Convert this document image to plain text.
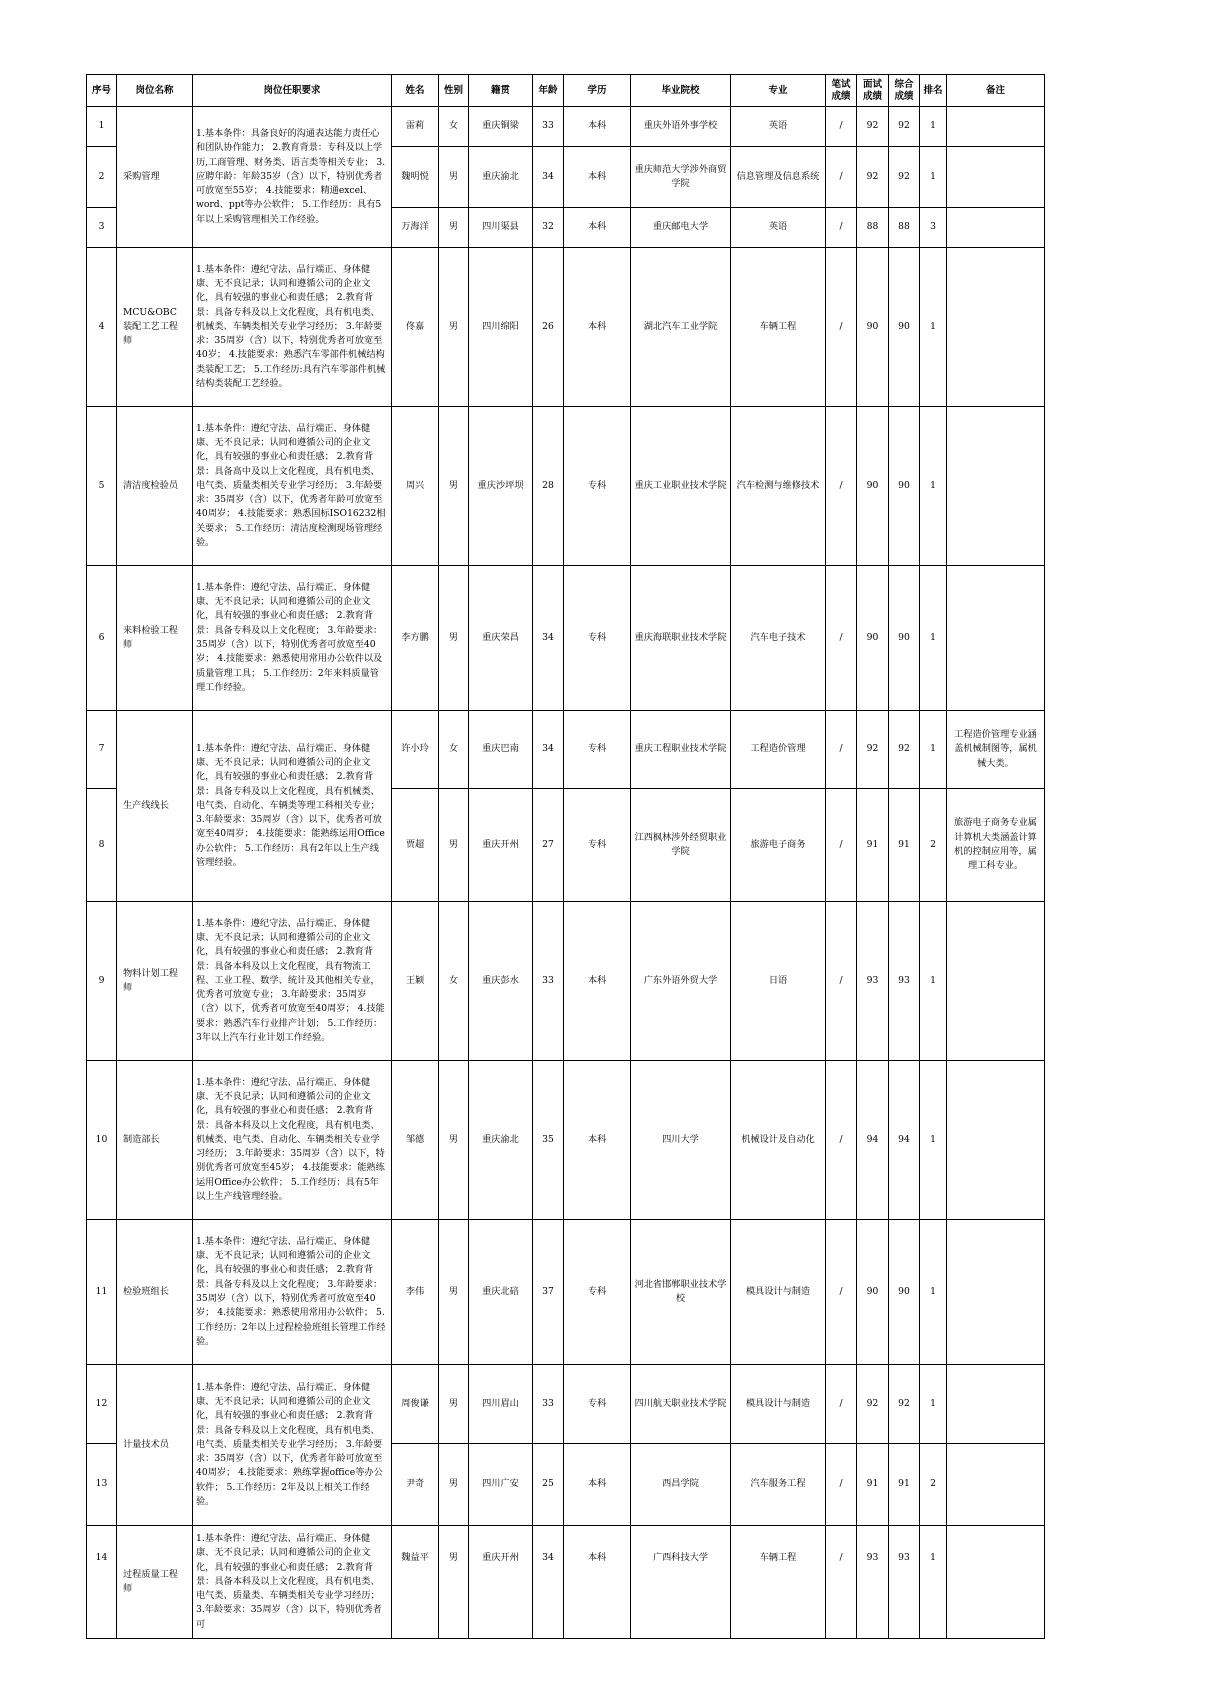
序号	岗位名称	岗位任职要求	姓名	性别	籍贯	年龄	学历	毕业院校	专业	笔试成绩	面试成绩	综合成绩	排名	备注
1	采购管理	1.基本条件：具备良好的沟通表达能力责任心和团队协作能力； 2.教育背景：专科及以上学历,工商管理、财务类、语言类等相关专业； 3.应聘年龄：年龄35岁（含）以下，特别优秀者可放宽至55岁； 4.技能要求：精通excel、word、ppt等办公软件； 5.工作经历：具有5年以上采购管理相关工作经验。	雷莉	女	重庆铜梁	33	本科	重庆外语外事学校	英语	/	92	92	1	
2			魏明悦	男	重庆渝北	34	本科	重庆师范大学涉外商贸学院	信息管理及信息系统	/	92	92	1	
3			万海洋	男	四川渠县	32	本科	重庆邮电大学	英语	/	88	88	3	
4	MCU&OBC装配工艺工程师	1.基本条件：遵纪守法、品行端正、身体健康、无不良记录；认同和遵循公司的企业文化，具有较强的事业心和责任感； 2.教育背景：具备专科及以上文化程度，具有机电类、机械类、车辆类相关专业学习经历； 3.年龄要求：35周岁（含）以下，特别优秀者可放宽至40岁； 4.技能要求：熟悉汽车零部件机械结构类装配工艺； 5.工作经历:具有汽车零部件机械结构类装配工艺经验。	佟嘉	男	四川绵阳	26	本科	湖北汽车工业学院	车辆工程	/	90	90	1	
5	清洁度检验员	1.基本条件：遵纪守法、品行端正、身体健康、无不良记录；认同和遵循公司的企业文化，具有较强的事业心和责任感； 2.教育背景：具备高中及以上文化程度，具有机电类、电气类、质量类相关专业学习经历； 3.年龄要求：35周岁（含）以下，优秀者年龄可放宽至40周岁； 4.技能要求：熟悉国标ISO16232相关要求； 5.工作经历：清洁度检测现场管理经验。	周兴	男	重庆沙坪坝	28	专科	重庆工业职业技术学院	汽车检测与维修技术	/	90	90	1	
6	来料检验工程师	1.基本条件：遵纪守法、品行端正、身体健康、无不良记录；认同和遵循公司的企业文化，具有较强的事业心和责任感； 2.教育背景：具备专科及以上文化程度； 3.年龄要求：35周岁（含）以下，特别优秀者可放宽至40岁； 4.技能要求：熟悉使用常用办公软件以及质量管理工具； 5.工作经历：2年来料质量管理工作经验。	李方鹏	男	重庆荣昌	34	专科	重庆海联职业技术学院	汽车电子技术	/	90	90	1	
7	生产线线长	1.基本条件：遵纪守法、品行端正、身体健康、无不良记录；认同和遵循公司的企业文化，具有较强的事业心和责任感； 2.教育背景：具备专科及以上文化程度，具有机械类、电气类、自动化、车辆类等理工科相关专业； 3.年龄要求：35周岁（含）以下，优秀者可放宽至40周岁； 4.技能要求：能熟练运用Office办公软件； 5.工作经历：具有2年以上生产线管理经验。	许小玲	女	重庆巴南	34	专科	重庆工程职业技术学院	工程造价管理	/	92	92	1	工程造价管理专业涵盖机械制图等，属机械大类。
8			贾超	男	重庆开州	27	专科	江西枫林涉外经贸职业学院	旅游电子商务	/	91	91	2	旅游电子商务专业属计算机大类涵盖计算机的控制应用等，属理工科专业。
9	物料计划工程师	1.基本条件：遵纪守法、品行端正、身体健康、无不良记录；认同和遵循公司的企业文化，具有较强的事业心和责任感； 2.教育背景：具备本科及以上文化程度，具有物流工程、工业工程、数学、统计及其他相关专业，优秀者可放宽专业； 3.年龄要求：35周岁（含）以下，优秀者可放宽至40周岁； 4.技能要求：熟悉汽车行业排产计划； 5.工作经历：3年以上汽车行业计划工作经验。	王颖	女	重庆彭水	33	本科	广东外语外贸大学	日语	/	93	93	1	
10	制造部长	1.基本条件：遵纪守法、品行端正、身体健康、无不良记录；认同和遵循公司的企业文化，具有较强的事业心和责任感； 2.教育背景：具备本科及以上文化程度，具有机电类、机械类、电气类、自动化、车辆类相关专业学习经历； 3.年龄要求：35周岁（含）以下，特别优秀者可放宽至45岁； 4.技能要求：能熟练运用Office办公软件； 5.工作经历：具有5年以上生产线管理经验。	邹德	男	重庆渝北	35	本科	四川大学	机械设计及自动化	/	94	94	1	
11	检验班组长	1.基本条件：遵纪守法、品行端正、身体健康、无不良记录；认同和遵循公司的企业文化，具有较强的事业心和责任感； 2.教育背景：具备专科及以上文化程度； 3.年龄要求：35周岁（含）以下，特别优秀者可放宽至40岁； 4.技能要求：熟悉使用常用办公软件； 5.工作经历：2年以上过程检验班组长管理工作经验。	李伟	男	重庆北碚	37	专科	河北省邯郸职业技术学校	模具设计与制造	/	90	90	1	
12	计量技术员	1.基本条件：遵纪守法、品行端正、身体健康、无不良记录；认同和遵循公司的企业文化，具有较强的事业心和责任感； 2.教育背景：具备专科及以上文化程度，具有机电类、电气类、质量类相关专业学习经历； 3.年龄要求：35周岁（含）以下，优秀者年龄可放宽至40周岁； 4.技能要求：熟练掌握office等办公软件； 5.工作经历：2年及以上相关工作经验。	周俊谦	男	四川眉山	33	专科	四川航天职业技术学院	模具设计与制造	/	92	92	1	
13			尹奇	男	四川广安	25	本科	西昌学院	汽车服务工程	/	91	91	2	
14	过程质量工程师	1.基本条件：遵纪守法、品行端正、身体健康、无不良记录；认同和遵循公司的企业文化，具有较强的事业心和责任感； 2.教育背景：具备本科及以上文化程度，具有机电类、电气类、质量类、车辆类相关专业学习经历； 3.年龄要求：35周岁（含）以下，特别优秀者可	魏益平	男	重庆开州	34	本科	广西科技大学	车辆工程	/	93	93	1	
